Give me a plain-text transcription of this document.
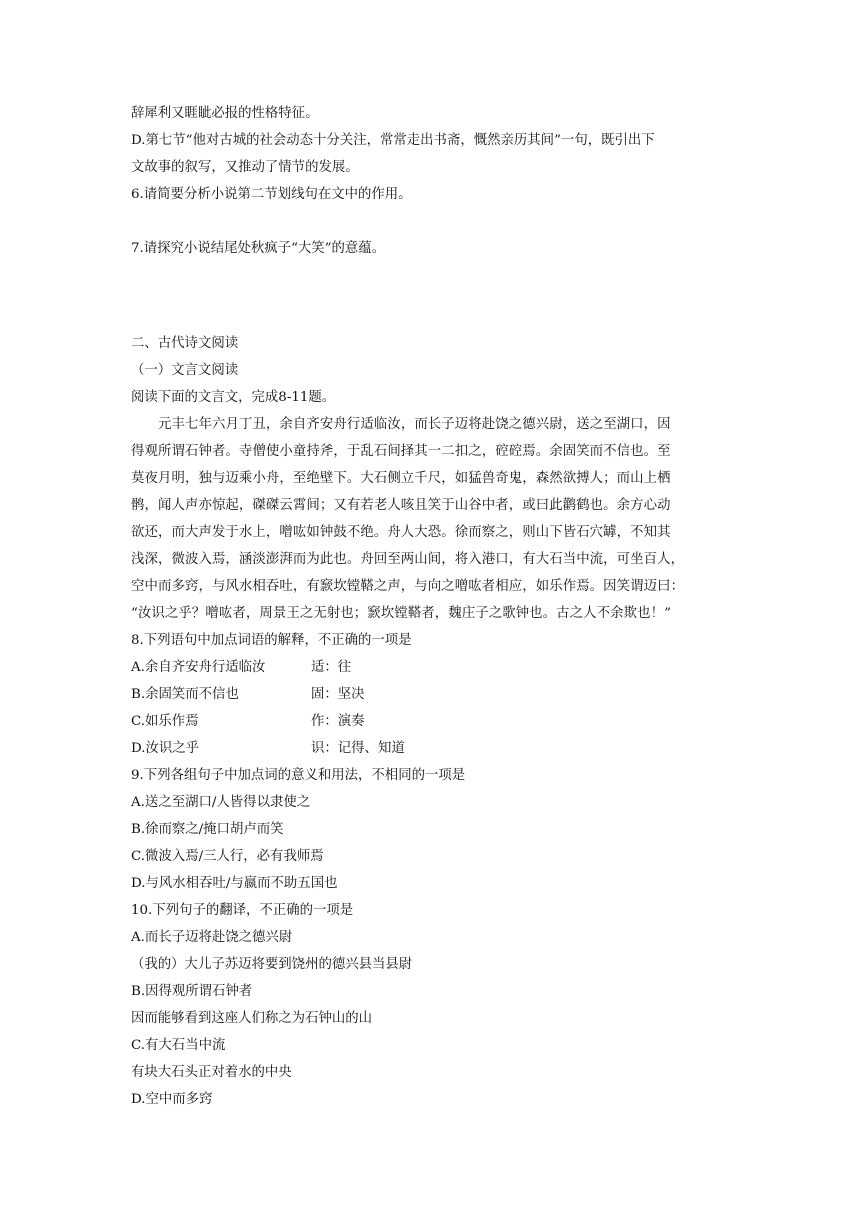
辞犀利又睚眦必报的性格特征。
D.第七节“他对古城的社会动态十分关注，常常走出书斋，慨然亲历其间”一句，既引出下
文故事的叙写，又推动了情节的发展。
6.请简要分析小说第二节划线句在文中的作用。
7.请探究小说结尾处秋疯子“大笑”的意蕴。
二、古代诗文阅读
（一）文言文阅读
阅读下面的文言文，完成8-11题。
元丰七年六月丁丑，余自齐安舟行适临汝，而长子迈将赴饶之德兴尉，送之至湖口，因
得观所谓石钟者。寺僧使小童持斧，于乱石间择其一二扣之，硿硿焉。余固笑而不信也。至
莫夜月明，独与迈乘小舟，至绝壁下。大石侧立千尺，如猛兽奇鬼，森然欲搏人；而山上栖
鹘，闻人声亦惊起，磔磔云霄间；又有若老人咳且笑于山谷中者，或曰此鹳鹤也。余方心动
欲还，而大声发于水上，噌吰如钟鼓不绝。舟人大恐。徐而察之，则山下皆石穴罅，不知其
浅深，微波入焉，涵淡澎湃而为此也。舟回至两山间，将入港口，有大石当中流，可坐百人，
空中而多窍，与风水相吞吐，有窾坎镗鞳之声，与向之噌吰者相应，如乐作焉。因笑谓迈曰：
“汝识之乎？噌吰者，周景王之无射也；窾坎镗鞳者，魏庄子之歌钟也。古之人不余欺也！”
8.下列语句中加点词语的解释，不正确的一项是
A.余自齐安舟行适临汝	适：往
B.余固笑而不信也	固：坚决
C.如乐作焉	作：演奏
D.汝识之乎	识：记得、知道
9.下列各组句子中加点词的意义和用法，不相同的一项是
A.送之至湖口/人皆得以隶使之
B.徐而察之/掩口胡卢而笑
C.微波入焉/三人行，必有我师焉
D.与风水相吞吐/与嬴而不助五国也
10.下列句子的翻译，不正确的一项是
A.而长子迈将赴饶之德兴尉
（我的）大儿子苏迈将要到饶州的德兴县当县尉
B.因得观所谓石钟者
因而能够看到这座人们称之为石钟山的山
C.有大石当中流
有块大石头正对着水的中央
D.空中而多窍
